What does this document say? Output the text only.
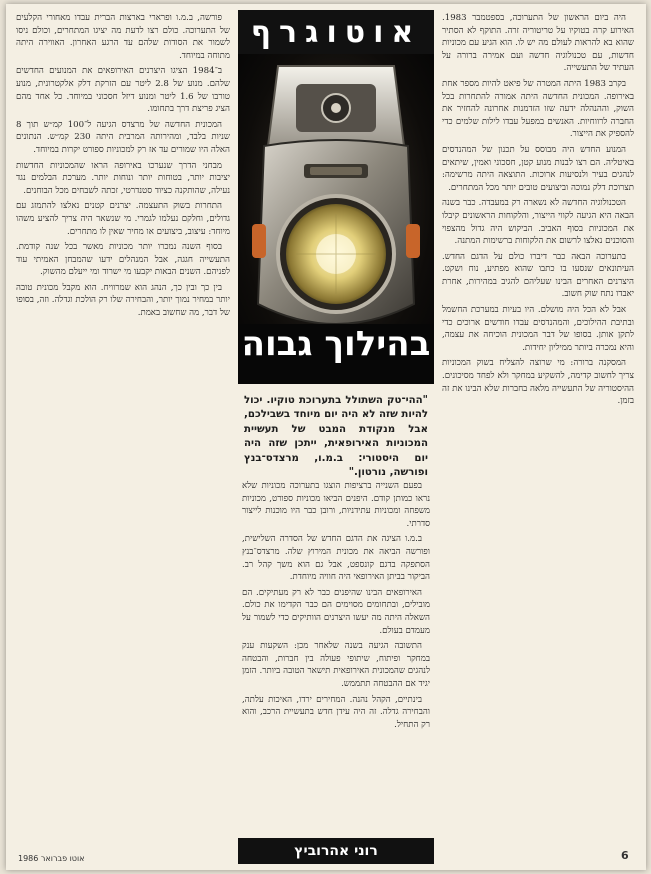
היה ביום הראשון של התערוכה, בספטמבר 1983. האירוע קרה בטוקיו על טריטוריה זרה. התוקף לא הסתיר שהוא בא להראות לעולם מה יש לו. הוא הגיע עם מכוניות חדשות, עם טכנולוגיה חדשה ועם אמירה ברורה על העתיד של התעשייה.

בקרב 1983 היתה המטרה של פיאט להיות מספר אחת באירופה. המכונית החדשה היתה אמורה להתחרות בכל השוק, וההנהלה ידעה שזו הזדמנות אחרונה להחזיר את החברה לרווחיות. האנשים במפעל עבדו לילות שלמים כדי להספיק את הייצור.

המנוע החדש היה מבוסס על תכנון של המהנדסים באיטליה. הם רצו לבנות מנוע קטן, חסכוני ואמין, שיתאים לנהגים בעיר ולנסיעות ארוכות. התוצאה היתה מרשימה: תצרוכת דלק נמוכה וביצועים טובים יותר מכל המתחרים.

הטכנולוגיה החדשה לא נשארה רק במעבדה. כבר בשנה הבאה היא הגיעה לקווי הייצור, והלקוחות הראשונים קיבלו את המכוניות בסוף האביב. הביקוש היה גדול מהצפוי והסוכנים נאלצו לרשום את הלקוחות ברשימות המתנה.

בתערוכה הבאה כבר דיברו כולם על הדגם החדש. העיתונאים שנסעו בו כתבו שהוא מפתיע, נוח ושקט. היצרנים האחרים הבינו שעליהם להגיב במהירות, אחרת יאבדו נתח שוק חשוב.

אבל לא הכל היה מושלם. היו בעיות במערכת החשמל ובתיבת ההילוכים, והמהנדסים עבדו חודשים ארוכים כדי לתקן אותן. בסופו של דבר המכונית הוכיחה את עצמה, והיא נמכרה ביותר ממיליון יחידות.

המסקנה ברורה: מי שרוצה להצליח בשוק המכוניות צריך לחשוב קדימה, להשקיע במחקר ולא לפחד מסיכונים. ההיסטוריה של התעשייה מלאה בחברות שלא הבינו את זה בזמן.

אוטוגרף
בהילוך גבוה
"ההי־טק השתולל בתערוכת טוקיו. יכול להיות שזה לא היה יום מיוחד בשבילכם, אבל מנקודת המבט של תעשיית המכוניות האירופאית, ייתכן שזה היה יום היסטורי: ב.מ.ו, מרצדס־בנץ ופורשה, נורטון."

בפעם השנייה ברציפות הוצגו בתערוכה מכוניות שלא נראו כמותן קודם. היפנים הביאו מכוניות ספורט, מכוניות משפחה ומכוניות עתידניות, ורובן כבר היו מוכנות לייצור סדרתי.

ב.מ.ו הציגה את הדגם החדש של הסדרה השלישית, ופורשה הביאה את מכונית המירוץ שלה. מרצדס־בנץ הסתפקה בדגם קונספט, אבל גם הוא משך קהל רב. הביקור בביתן האירופאי היה חוויה מיוחדת.

האירופאים הבינו שהיפנים כבר לא רק מעתיקים. הם מובילים, ובתחומים מסוימים הם כבר הקדימו את כולם. השאלה היתה מה יעשו היצרנים הוותיקים כדי לשמור על מעמדם בעולם.

התשובה הגיעה בשנה שלאחר מכן: השקעות ענק במחקר ופיתוח, שיתופי פעולה בין חברות, והבטחה לנהגים שהמכונית האירופאית תישאר הטובה ביותר. הזמן יגיד אם ההבטחה תתממש.

בינתיים, הקהל נהנה. המחירים ירדו, האיכות עלתה, והבחירה גדלה. זה היה עידן חדש בתעשיית הרכב, והוא רק התחיל.

רוני אהרוביץ

פורשה, ב.מ.ו ופרארי בארצות הברית עבדו מאחורי הקלעים של התערוכה. כולם רצו לדעת מה יציגו המתחרים, וכולם ניסו לשמור את הסודות שלהם עד הרגע האחרון. האווירה היתה מתוחה במיוחד.

ב־1984 הציגו היצרנים האירופאים את המנועים החדשים שלהם. מנוע של 2.8 ליטר עם הזרקת דלק אלקטרונית, מנוע טורבו של 1.6 ליטר ומנוע דיזל חסכוני במיוחד. כל אחד מהם הציג פריצת דרך בתחומו.

המכונית החדשה של מרצדס הגיעה ל־100 קמ״ש תוך 8 שניות בלבד, ומהירותה המרבית היתה 230 קמ״ש. הנתונים האלה היו שמורים עד אז רק למכוניות ספורט יקרות במיוחד.

מבחני הדרך שנערכו באירופה הראו שהמכוניות החדשות יציבות יותר, בטוחות יותר ונוחות יותר. מערכת הבלמים נגד נעילה, שהותקנה כציוד סטנדרטי, זכתה לשבחים מכל הבוחנים.

התחרות בשוק התעצמה. יצרנים קטנים נאלצו להתמזג עם גדולים, וחלקם נעלמו לגמרי. מי שנשאר היה צריך להציע משהו מיוחד: עיצוב, ביצועים או מחיר שאין לו מתחרים.

בסוף השנה נמכרו יותר מכוניות מאשר בכל שנה קודמת. התעשייה חגגה, אבל המנהלים ידעו שהמבחן האמיתי עוד לפניהם. השנים הבאות יקבעו מי ישרוד ומי ייעלם מהשוק.

בין כך ובין כך, הנהג הוא שמרוויח. הוא מקבל מכונית טובה יותר במחיר נמוך יותר, והבחירה שלו רק הולכת וגדלה. וזה, בסופו של דבר, מה שחשוב באמת.

אוטו פברואר 1986	6
